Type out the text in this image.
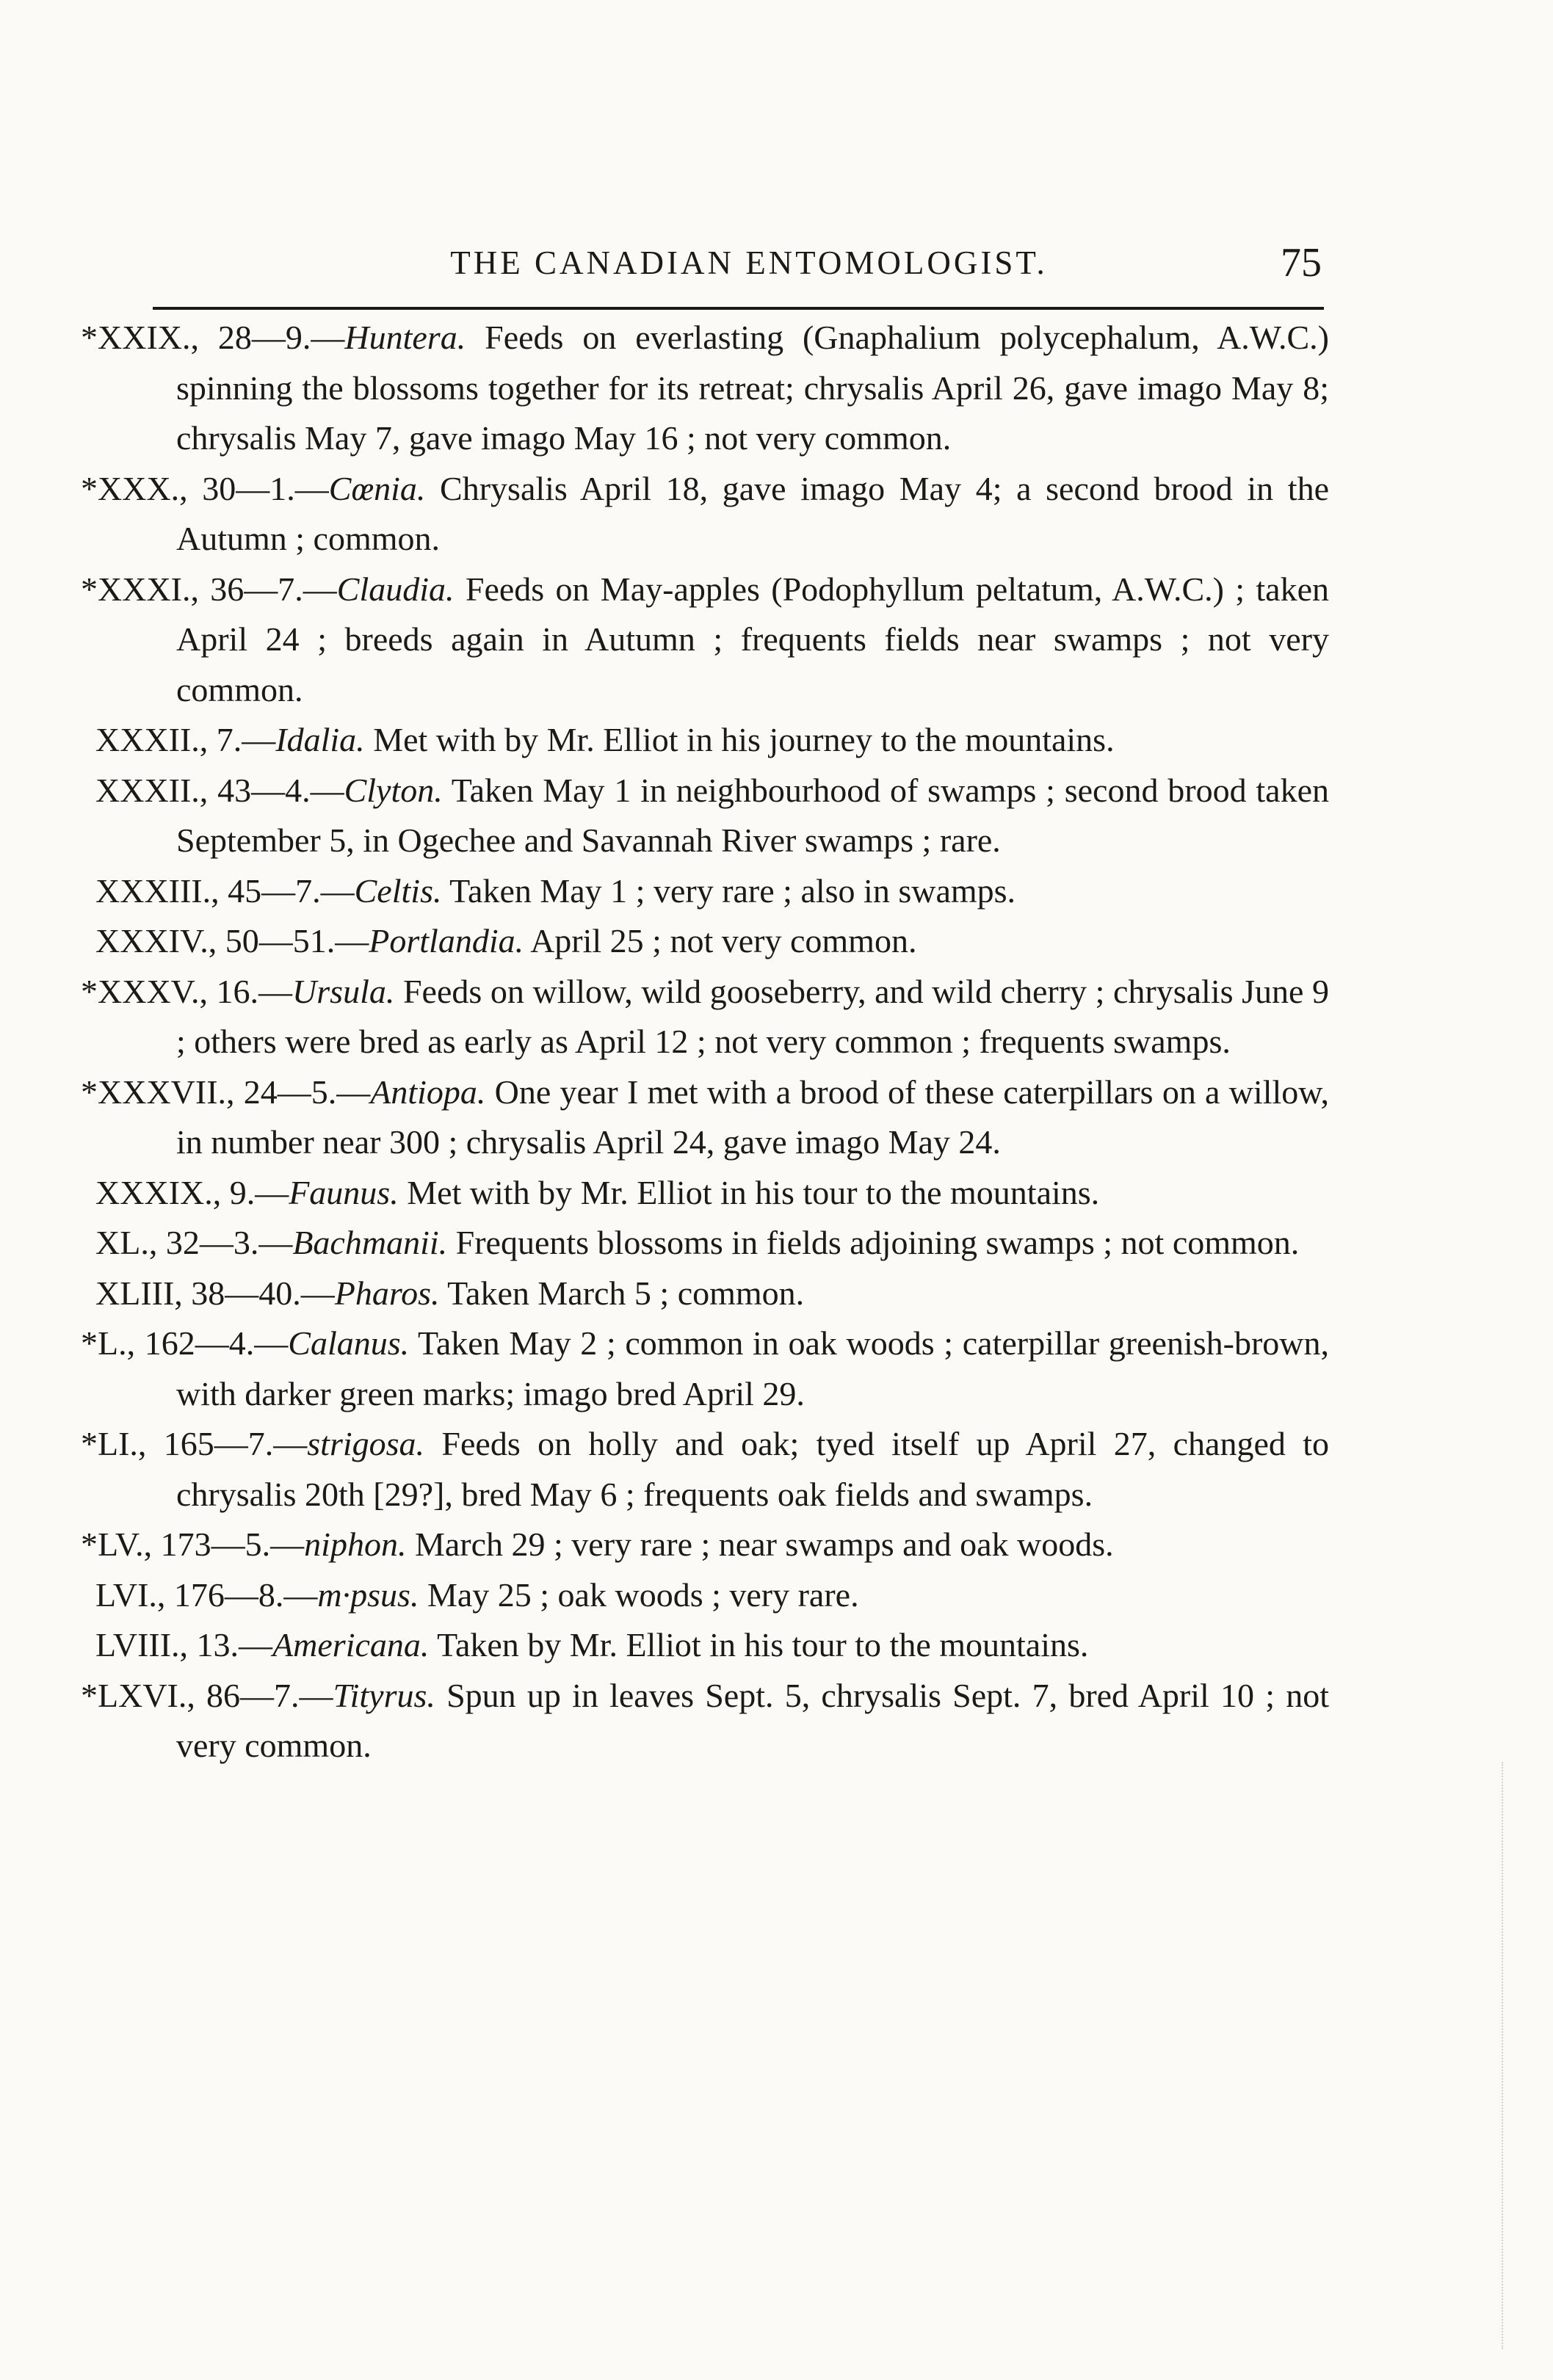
THE CANADIAN ENTOMOLOGIST.	75

*XXIX., 28—9.—Huntera. Feeds on everlasting (Gnaphalium polycephalum, A.W.C.) spinning the blossoms together for its retreat; chrysalis April 26, gave imago May 8; chrysalis May 7, gave imago May 16 ; not very common.

*XXX., 30—1.—Cœnia. Chrysalis April 18, gave imago May 4; a second brood in the Autumn ; common.

*XXXI., 36—7.—Claudia. Feeds on May-apples (Podophyllum peltatum, A.W.C.) ; taken April 24 ; breeds again in Autumn ; frequents fields near swamps ; not very common.

XXXII., 7.—Idalia. Met with by Mr. Elliot in his journey to the mountains.

XXXII., 43—4.—Clyton. Taken May 1 in neighbourhood of swamps ; second brood taken September 5, in Ogechee and Savannah River swamps ; rare.

XXXIII., 45—7.—Celtis. Taken May 1 ; very rare ; also in swamps.

XXXIV., 50—51.—Portlandia. April 25 ; not very common.

*XXXV., 16.—Ursula. Feeds on willow, wild gooseberry, and wild cherry ; chrysalis June 9 ; others were bred as early as April 12 ; not very common ; frequents swamps.

*XXXVII., 24—5.—Antiopa. One year I met with a brood of these caterpillars on a willow, in number near 300 ; chrysalis April 24, gave imago May 24.

XXXIX., 9.—Faunus. Met with by Mr. Elliot in his tour to the mountains.

XL., 32—3.—Bachmanii. Frequents blossoms in fields adjoining swamps ; not common.

XLIII, 38—40.—Pharos. Taken March 5 ; common.

*L., 162—4.—Calanus. Taken May 2 ; common in oak woods ; caterpillar greenish-brown, with darker green marks; imago bred April 29.

*LI., 165—7.—strigosa. Feeds on holly and oak; tyed itself up April 27, changed to chrysalis 20th [29?], bred May 6 ; frequents oak fields and swamps.

*LV., 173—5.—niphon. March 29 ; very rare ; near swamps and oak woods.

LVI., 176—8.—m·psus. May 25 ; oak woods ; very rare.

LVIII., 13.—Americana. Taken by Mr. Elliot in his tour to the mountains.

*LXVI., 86—7.—Tityrus. Spun up in leaves Sept. 5, chrysalis Sept. 7, bred April 10 ; not very common.
